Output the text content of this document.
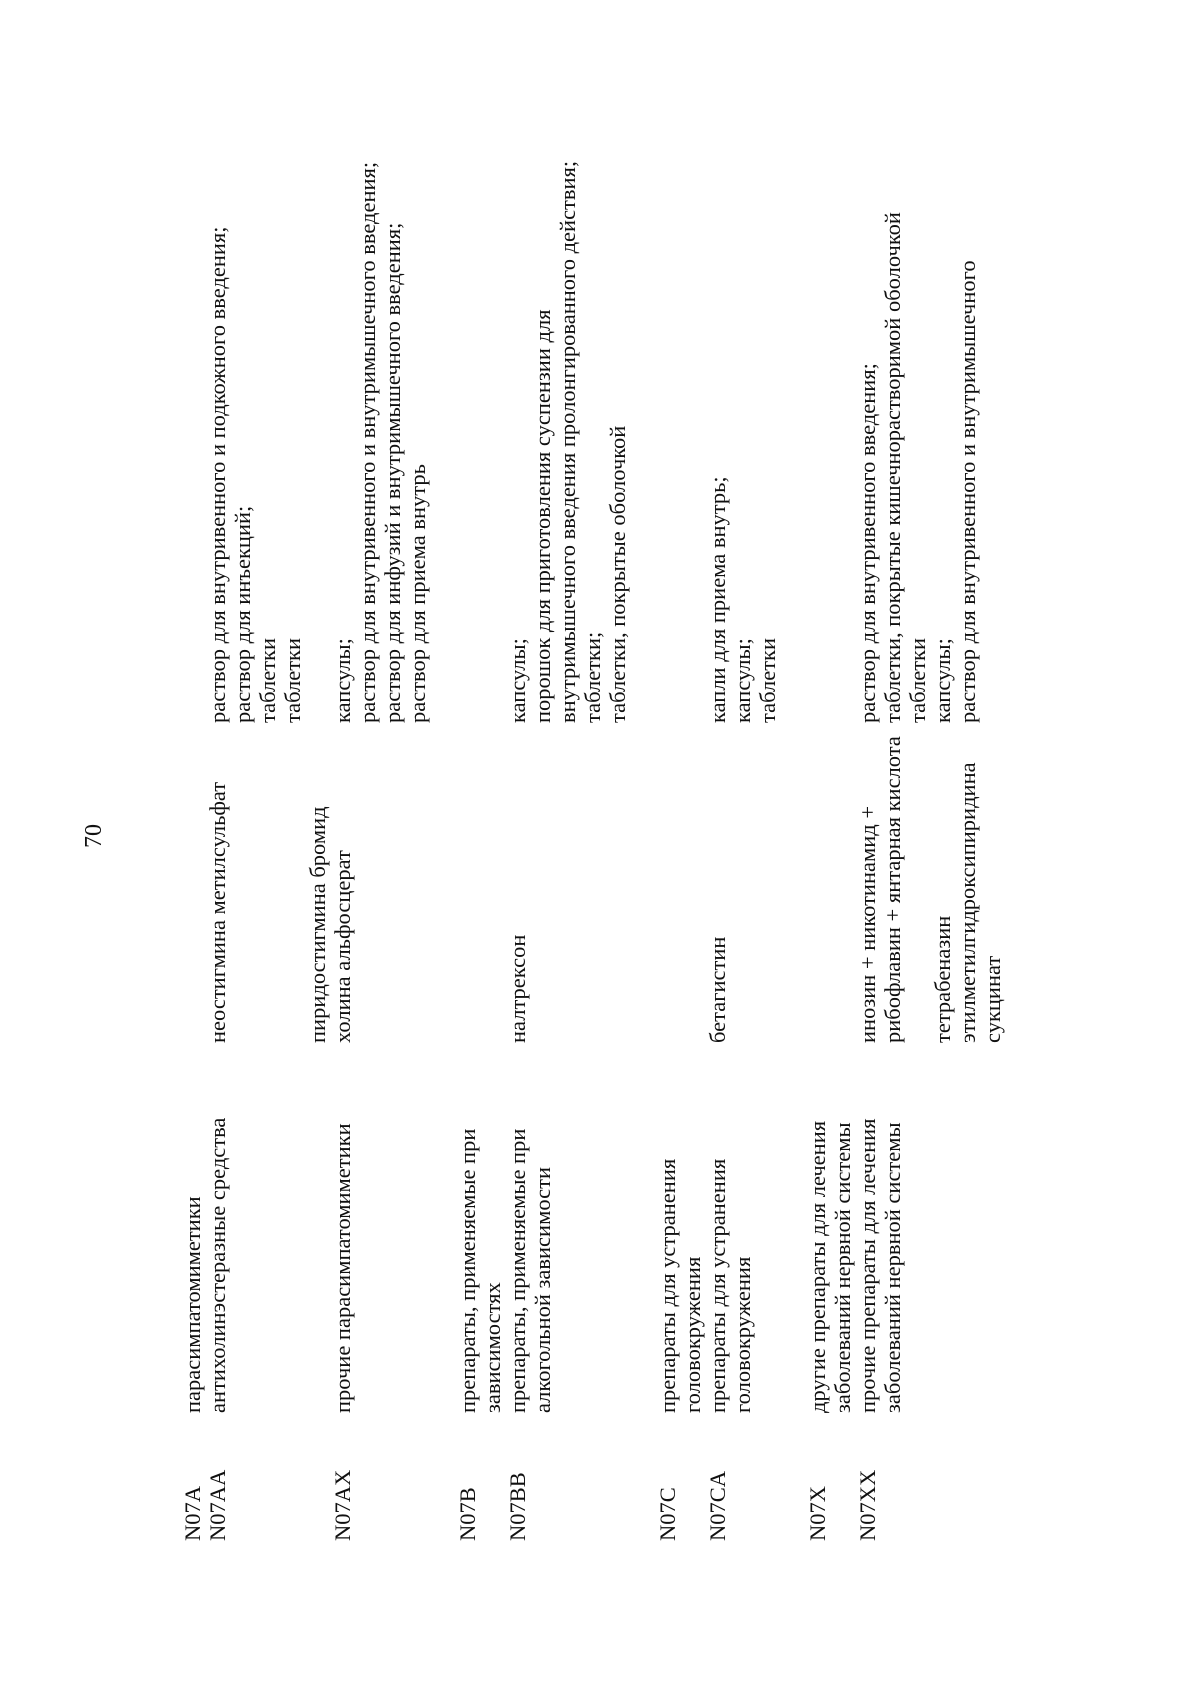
70
N07A
парасимпатомиметики
N07AA
антихолинэстеразные средства
неостигмина метилсульфат

	пиридостигмина бромид
раствор для внутривенного и подкожного введения; раствор для инъекций; таблетки таблетки
N07AX
прочие парасимпатомиметики
холина альфосцерат
капсулы; раствор для внутривенного и внутримышечного введения; раствор для инфузий и внутримышечного введения; раствор для приема внутрь
N07B
препараты, применяемые при зависимостях
N07BB
препараты, применяемые при алкогольной зависимости
налтрексон
капсулы; порошок для приготовления суспензии для внутримышечного введения пролонгированного действия; таблетки; таблетки, покрытые оболочкой
N07C
препараты для устранения головокружения
N07CA
препараты для устранения головокружения
бетагистин
капли для приема внутрь; капсулы; таблетки
N07X
другие препараты для лечения заболеваний нервной системы
N07XX
прочие препараты для лечения заболеваний нервной системы
инозин + никотинамид + рибофлавин + янтарная кислота
тетрабеназин этилметилгидроксипиридина сукцинат
раствор для внутривенного введения; таблетки, покрытые кишечнорастворимой оболочкой таблетки капсулы; раствор для внутривенного и внутримышечного
